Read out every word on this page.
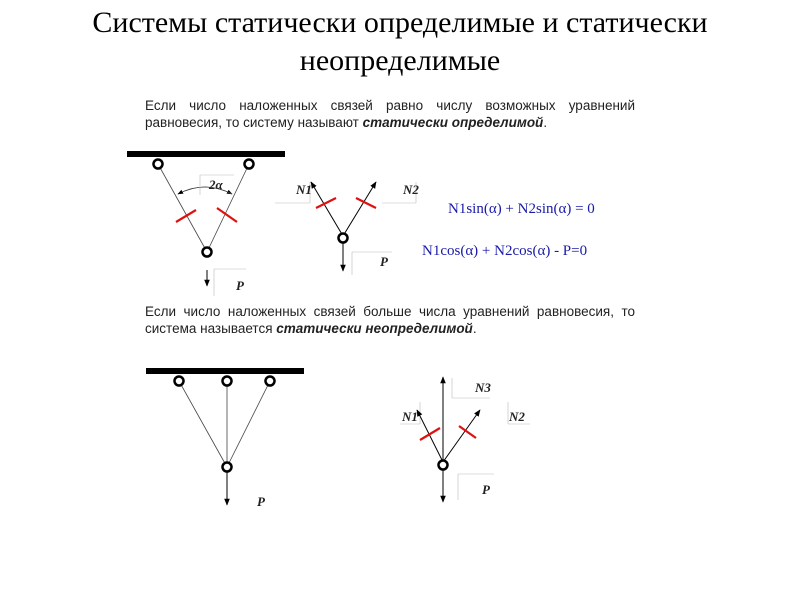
Системы статически определимые и статически
неопределимые
Если число наложенных связей равно числу возможных уравнений равновесия, то систему называют статически определимой.
Если число наложенных связей больше числа уравнений равновесия, то система называется статически неопределимой.
2α
P
N1	N2
P
N1sin(α) + N2sin(α) = 0
N1cos(α) + N2cos(α) - P=0
P
N3
N1	N2
P
